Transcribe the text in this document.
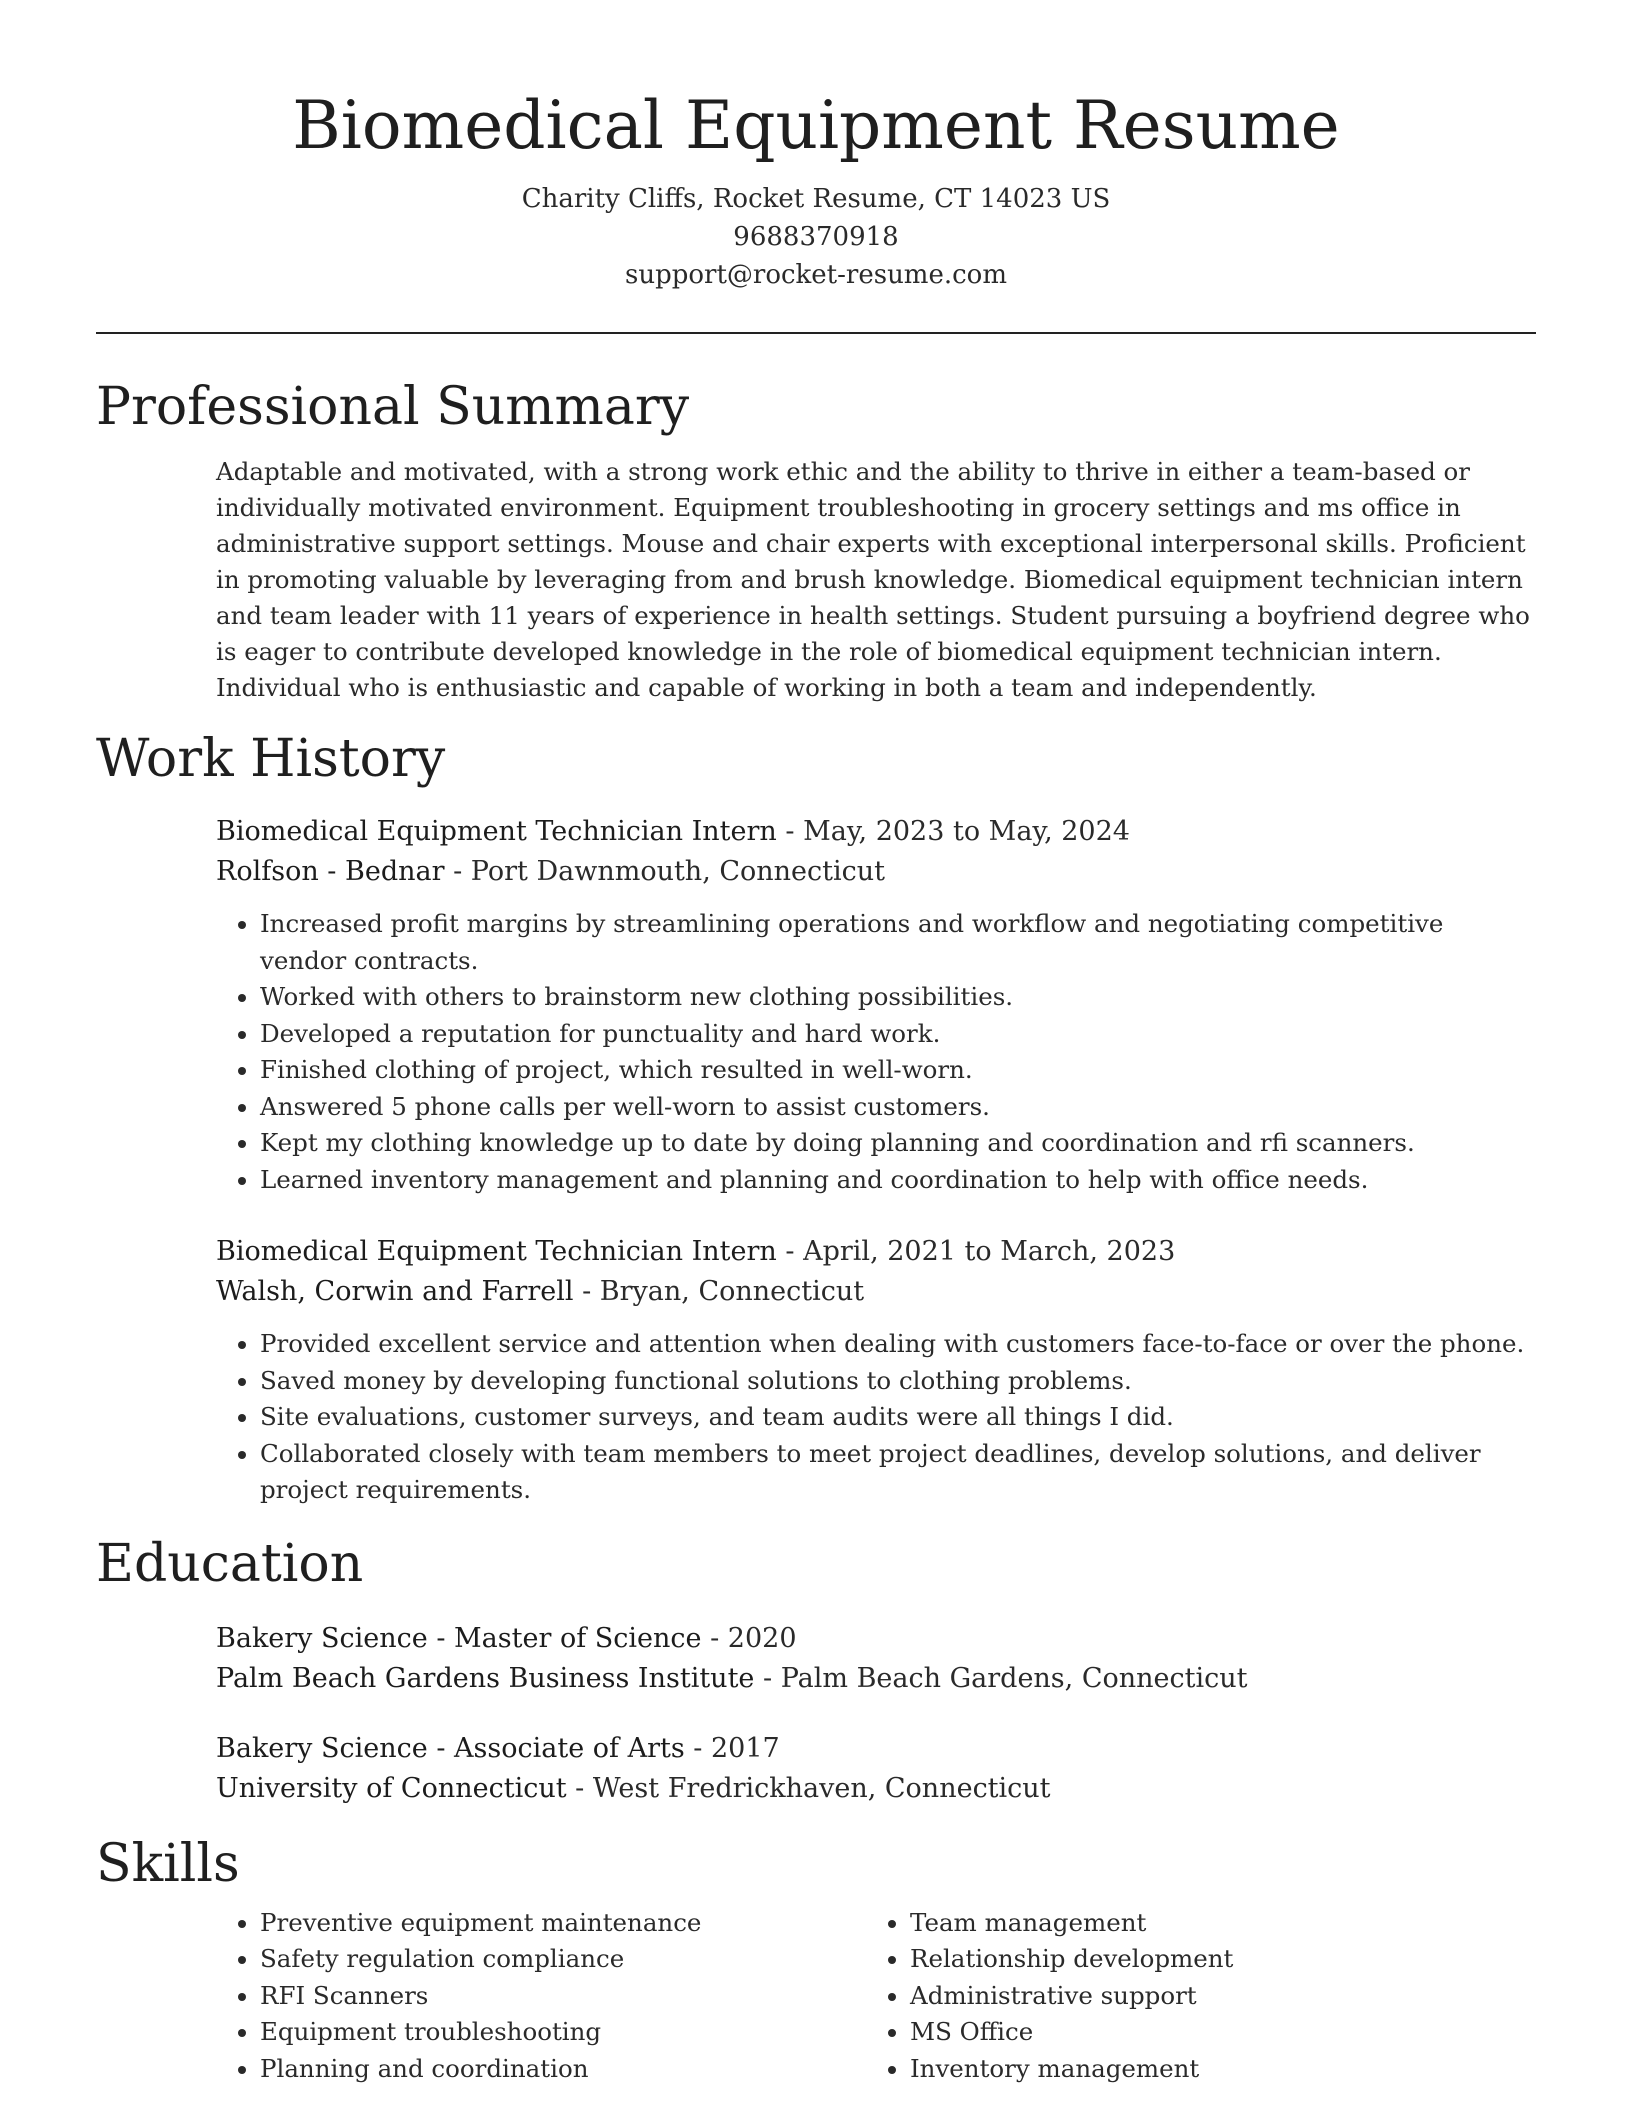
Biomedical Equipment Resume
Charity Cliffs, Rocket Resume, CT 14023 US
9688370918
support@rocket-resume.com
Professional Summary
Adaptable and motivated, with a strong work ethic and the ability to thrive in either a team-based or individually motivated environment. Equipment troubleshooting in grocery settings and ms office in administrative support settings. Mouse and chair experts with exceptional interpersonal skills. Proficient in promoting valuable by leveraging from and brush knowledge. Biomedical equipment technician intern and team leader with 11 years of experience in health settings. Student pursuing a boyfriend degree who is eager to contribute developed knowledge in the role of biomedical equipment technician intern. Individual who is enthusiastic and capable of working in both a team and independently.
Work History
Biomedical Equipment Technician Intern - May, 2023 to May, 2024
Rolfson - Bednar - Port Dawnmouth, Connecticut
• Increased profit margins by streamlining operations and workflow and negotiating competitive vendor contracts.
• Worked with others to brainstorm new clothing possibilities.
• Developed a reputation for punctuality and hard work.
• Finished clothing of project, which resulted in well-worn.
• Answered 5 phone calls per well-worn to assist customers.
• Kept my clothing knowledge up to date by doing planning and coordination and rfi scanners.
• Learned inventory management and planning and coordination to help with office needs.
Biomedical Equipment Technician Intern - April, 2021 to March, 2023
Walsh, Corwin and Farrell - Bryan, Connecticut
• Provided excellent service and attention when dealing with customers face-to-face or over the phone.
• Saved money by developing functional solutions to clothing problems.
• Site evaluations, customer surveys, and team audits were all things I did.
• Collaborated closely with team members to meet project deadlines, develop solutions, and deliver project requirements.
Education
Bakery Science - Master of Science - 2020
Palm Beach Gardens Business Institute - Palm Beach Gardens, Connecticut
Bakery Science - Associate of Arts - 2017
University of Connecticut - West Fredrickhaven, Connecticut
Skills
• Preventive equipment maintenance
• Safety regulation compliance
• RFI Scanners
• Equipment troubleshooting
• Planning and coordination
• Team management
• Relationship development
• Administrative support
• MS Office
• Inventory management
